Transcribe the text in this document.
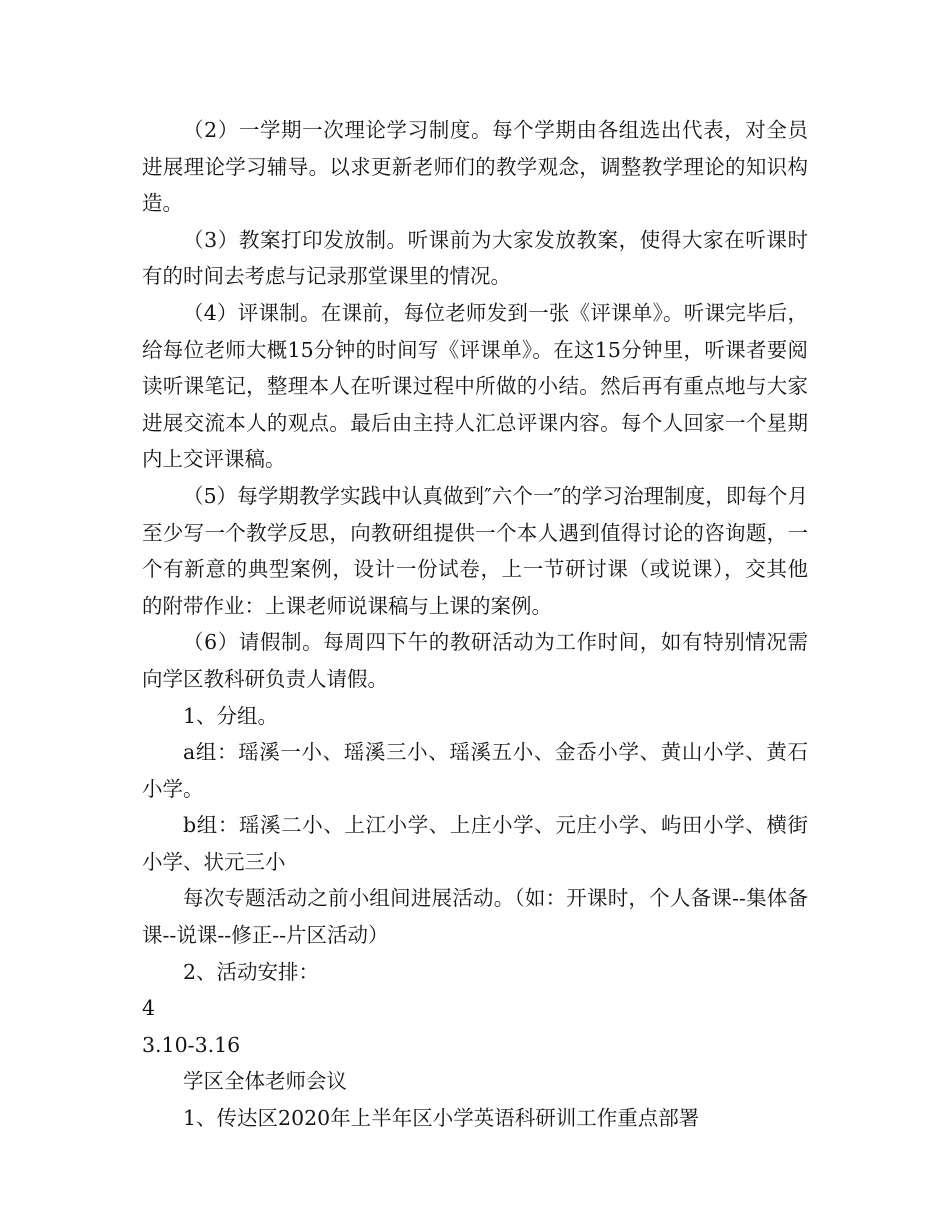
（2）一学期一次理论学习制度。每个学期由各组选出代表，对全员进展理论学习辅导。以求更新老师们的教学观念，调整教学理论的知识构造。

（3）教案打印发放制。听课前为大家发放教案，使得大家在听课时有的时间去考虑与记录那堂课里的情况。

（4）评课制。在课前，每位老师发到一张《评课单》。听课完毕后，给每位老师大概15分钟的时间写《评课单》。在这15分钟里，听课者要阅读听课笔记，整理本人在听课过程中所做的小结。然后再有重点地与大家进展交流本人的观点。最后由主持人汇总评课内容。每个人回家一个星期内上交评课稿。

（5）每学期教学实践中认真做到″六个一″的学习治理制度，即每个月至少写一个教学反思，向教研组提供一个本人遇到值得讨论的咨询题，一个有新意的典型案例，设计一份试卷，上一节研讨课（或说课），交其他的附带作业：上课老师说课稿与上课的案例。

（6）请假制。每周四下午的教研活动为工作时间，如有特别情况需向学区教科研负责人请假。

1、分组。

a组：瑶溪一小、瑶溪三小、瑶溪五小、金岙小学、黄山小学、黄石小学。

b组：瑶溪二小、上江小学、上庄小学、元庄小学、屿田小学、横街小学、状元三小

每次专题活动之前小组间进展活动。（如：开课时，个人备课--集体备课--说课--修正--片区活动）

2、活动安排：

4

3.10-3.16

学区全体老师会议

1、传达区2020年上半年区小学英语科研训工作重点部署
